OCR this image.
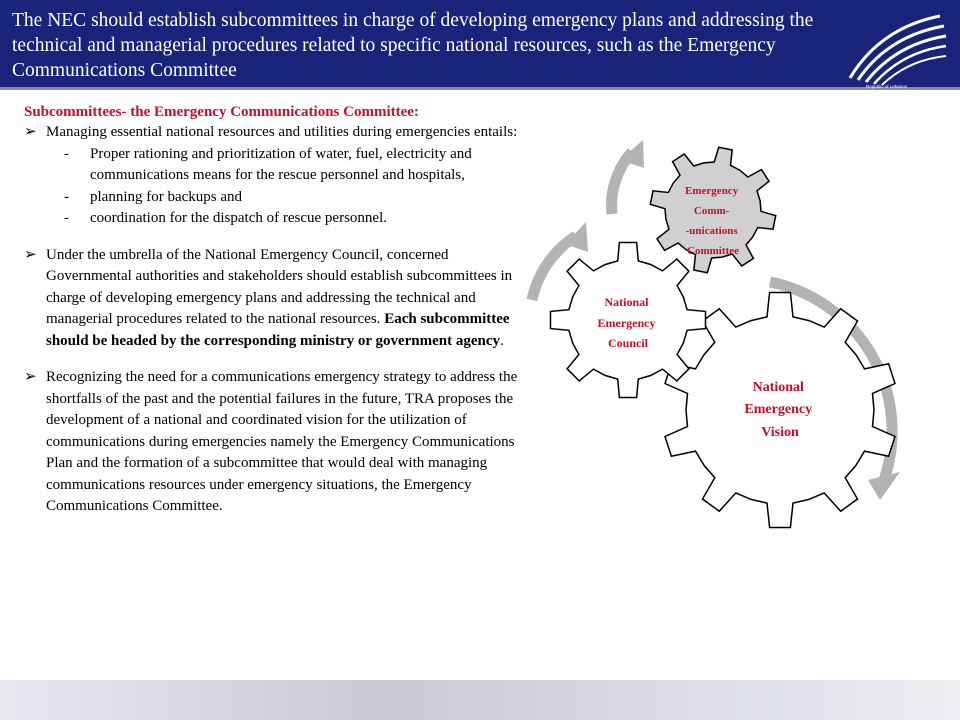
The NEC should establish subcommittees in charge of developing emergency plans and addressing the technical and managerial procedures related to specific national resources, such as the Emergency Communications Committee
Republic of Lebanon Telecommunications Regulatory Authority

Subcommittees- the Emergency Communications Committee:

➢ Managing essential national resources and utilities during emergencies entails:
- Proper rationing and prioritization of water, fuel, electricity and communications means for the rescue personnel and hospitals,
- planning for backups and
- coordination for the dispatch of rescue personnel.
➢ Under the umbrella of the National Emergency Council, concerned Governmental authorities and stakeholders should establish subcommittees in charge of developing emergency plans and addressing the technical and managerial procedures related to the national resources. Each subcommittee should be headed by the corresponding ministry or government agency.
➢ Recognizing the need for a communications emergency strategy to address the shortfalls of the past and the potential failures in the future, TRA proposes the development of a national and coordinated vision for the utilization of communications during emergencies namely the Emergency Communications Plan and the formation of a subcommittee that would deal with managing communications resources under emergency situations, the Emergency Communications Committee.
National Emergency Vision
National Emergency Council
Emergency Comm- -unications Committee
